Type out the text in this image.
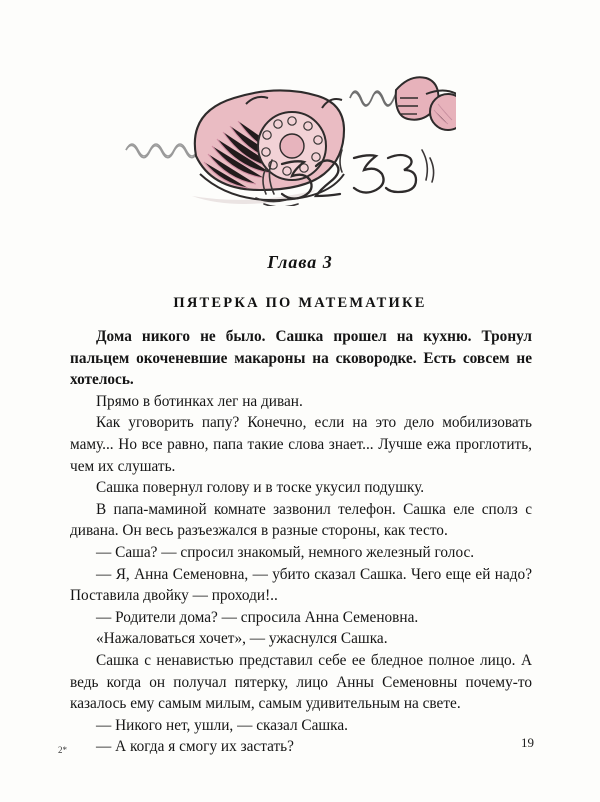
Глава 3
ПЯТЕРКА ПО МАТЕМАТИКЕ

Дома никого не было. Сашка прошел на кухню. Тронул пальцем окоченевшие макароны на сковородке. Есть совсем не хотелось.

Прямо в ботинках лег на диван.

Как уговорить папу? Конечно, если на это дело мобилизовать маму... Но все равно, папа такие слова знает... Лучше ежа проглотить, чем их слушать.

Сашка повернул голову и в тоске укусил подушку.

В папа-маминой комнате зазвонил телефон. Сашка еле сполз с дивана. Он весь разъезжался в разные стороны, как тесто.

— Саша? — спросил знакомый, немного железный голос.

— Я, Анна Семеновна, — убито сказал Сашка. Чего еще ей надо? Поставила двойку — проходи!..

— Родители дома? — спросила Анна Семеновна.

«Нажаловаться хочет», — ужаснулся Сашка.

Сашка с ненавистью представил себе ее бледное полное лицо. А ведь когда он получал пятерку, лицо Анны Семеновны почему-то казалось ему самым милым, самым удивительным на свете.

— Никого нет, ушли, — сказал Сашка.

— А когда я смогу их застать?

2*	19
